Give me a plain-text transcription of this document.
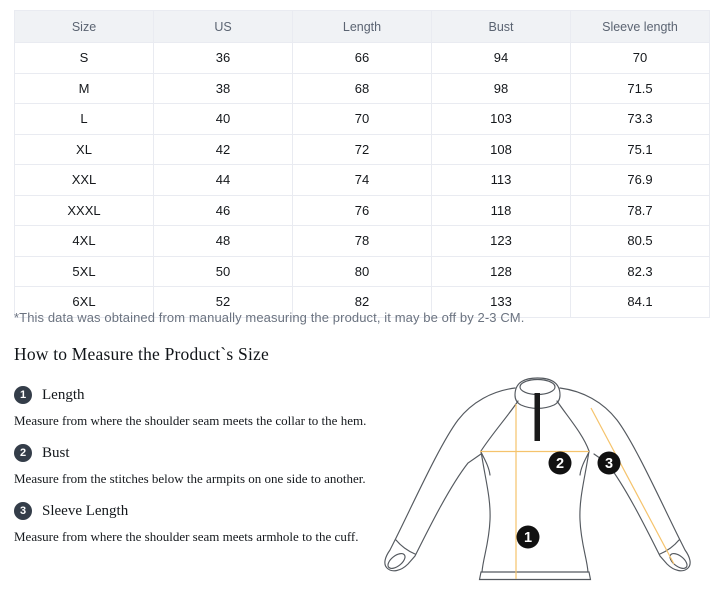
Size	US	Length	Bust	Sleeve length
S	36	66	94	70
M	38	68	98	71.5
L	40	70	103	73.3
XL	42	72	108	75.1
XXL	44	74	113	76.9
XXXL	46	76	118	78.7
4XL	48	78	123	80.5
5XL	50	80	128	82.3
6XL	52	82	133	84.1

*This data was obtained from manually measuring the product, it may be off by 2-3 CM.

How to Measure the Product`s Size
1	Length

Measure from where the shoulder seam meets the collar to the hem.

2	Bust

Measure from the stitches below the armpits on one side to another.

3	Sleeve Length

Measure from where the shoulder seam meets armhole to the cuff.	1
2	3
